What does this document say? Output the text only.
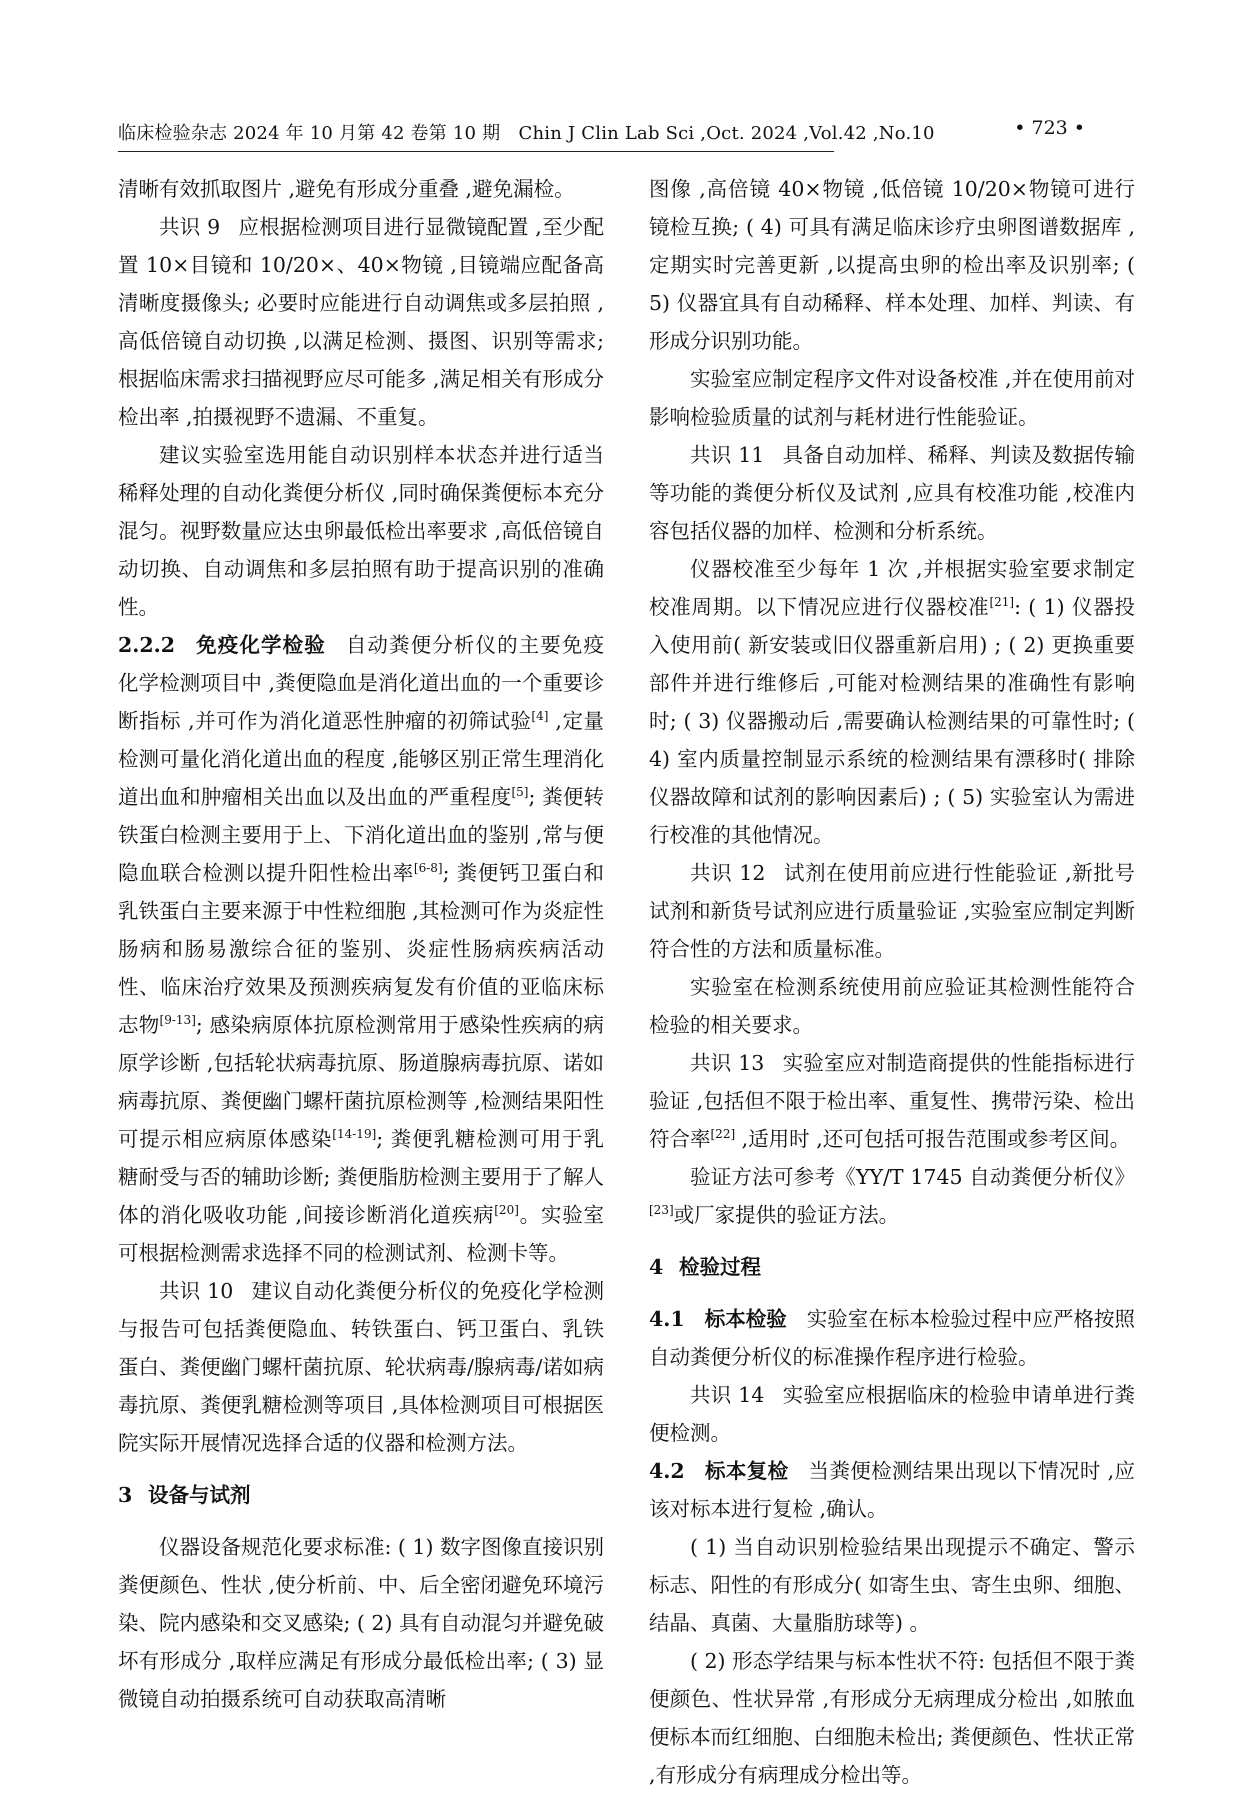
临床检验杂志 2024 年 10 月第 42 卷第 10 期　Chin J Clin Lab Sci ,Oct. 2024 ,Vol.42 ,No.10	• 723 •

清晰有效抓取图片 ,避免有形成分重叠 ,避免漏检。

共识 9 应根据检测项目进行显微镜配置 ,至少配置 10×目镜和 10/20×、40×物镜 ,目镜端应配备高清晰度摄像头; 必要时应能进行自动调焦或多层拍照 ,高低倍镜自动切换 ,以满足检测、摄图、识别等需求; 根据临床需求扫描视野应尽可能多 ,满足相关有形成分检出率 ,拍摄视野不遗漏、不重复。

建议实验室选用能自动识别样本状态并进行适当稀释处理的自动化粪便分析仪 ,同时确保粪便标本充分混匀。视野数量应达虫卵最低检出率要求 ,高低倍镜自动切换、自动调焦和多层拍照有助于提高识别的准确性。

2.2.2 免疫化学检验 自动粪便分析仪的主要免疫化学检测项目中 ,粪便隐血是消化道出血的一个重要诊断指标 ,并可作为消化道恶性肿瘤的初筛试验[4] ,定量检测可量化消化道出血的程度 ,能够区别正常生理消化道出血和肿瘤相关出血以及出血的严重程度[5]; 粪便转铁蛋白检测主要用于上、下消化道出血的鉴别 ,常与便隐血联合检测以提升阳性检出率[6-8]; 粪便钙卫蛋白和乳铁蛋白主要来源于中性粒细胞 ,其检测可作为炎症性肠病和肠易激综合征的鉴别、炎症性肠病疾病活动性、临床治疗效果及预测疾病复发有价值的亚临床标志物[9-13]; 感染病原体抗原检测常用于感染性疾病的病原学诊断 ,包括轮状病毒抗原、肠道腺病毒抗原、诺如病毒抗原、粪便幽门螺杆菌抗原检测等 ,检测结果阳性可提示相应病原体感染[14-19]; 粪便乳糖检测可用于乳糖耐受与否的辅助诊断; 粪便脂肪检测主要用于了解人体的消化吸收功能 ,间接诊断消化道疾病[20]。实验室可根据检测需求选择不同的检测试剂、检测卡等。

共识 10 建议自动化粪便分析仪的免疫化学检测与报告可包括粪便隐血、转铁蛋白、钙卫蛋白、乳铁蛋白、粪便幽门螺杆菌抗原、轮状病毒/腺病毒/诺如病毒抗原、粪便乳糖检测等项目 ,具体检测项目可根据医院实际开展情况选择合适的仪器和检测方法。

3 设备与试剂

仪器设备规范化要求标准: ( 1) 数字图像直接识别粪便颜色、性状 ,使分析前、中、后全密闭避免环境污染、院内感染和交叉感染; ( 2) 具有自动混匀并避免破坏有形成分 ,取样应满足有形成分最低检出率; ( 3) 显微镜自动拍摄系统可自动获取高清晰

图像 ,高倍镜 40×物镜 ,低倍镜 10/20×物镜可进行镜检互换; ( 4) 可具有满足临床诊疗虫卵图谱数据库 ,定期实时完善更新 ,以提高虫卵的检出率及识别率; ( 5) 仪器宜具有自动稀释、样本处理、加样、判读、有形成分识别功能。

实验室应制定程序文件对设备校准 ,并在使用前对影响检验质量的试剂与耗材进行性能验证。

共识 11 具备自动加样、稀释、判读及数据传输等功能的粪便分析仪及试剂 ,应具有校准功能 ,校准内容包括仪器的加样、检测和分析系统。

仪器校准至少每年 1 次 ,并根据实验室要求制定校准周期。以下情况应进行仪器校准[21]: ( 1) 仪器投入使用前( 新安装或旧仪器重新启用) ; ( 2) 更换重要部件并进行维修后 ,可能对检测结果的准确性有影响时; ( 3) 仪器搬动后 ,需要确认检测结果的可靠性时; ( 4) 室内质量控制显示系统的检测结果有漂移时( 排除仪器故障和试剂的影响因素后) ; ( 5) 实验室认为需进行校准的其他情况。

共识 12 试剂在使用前应进行性能验证 ,新批号试剂和新货号试剂应进行质量验证 ,实验室应制定判断符合性的方法和质量标准。

实验室在检测系统使用前应验证其检测性能符合检验的相关要求。

共识 13 实验室应对制造商提供的性能指标进行验证 ,包括但不限于检出率、重复性、携带污染、检出符合率[22] ,适用时 ,还可包括可报告范围或参考区间。

验证方法可参考《YY/T 1745 自动粪便分析仪》[23]或厂家提供的验证方法。

4 检验过程

4.1 标本检验 实验室在标本检验过程中应严格按照自动粪便分析仪的标准操作程序进行检验。

共识 14 实验室应根据临床的检验申请单进行粪便检测。

4.2 标本复检 当粪便检测结果出现以下情况时 ,应该对标本进行复检 ,确认。

( 1) 当自动识别检验结果出现提示不确定、警示标志、阳性的有形成分( 如寄生虫、寄生虫卵、细胞、结晶、真菌、大量脂肪球等) 。

( 2) 形态学结果与标本性状不符: 包括但不限于粪便颜色、性状异常 ,有形成分无病理成分检出 ,如脓血便标本而红细胞、白细胞未检出; 粪便颜色、性状正常 ,有形成分有病理成分检出等。
